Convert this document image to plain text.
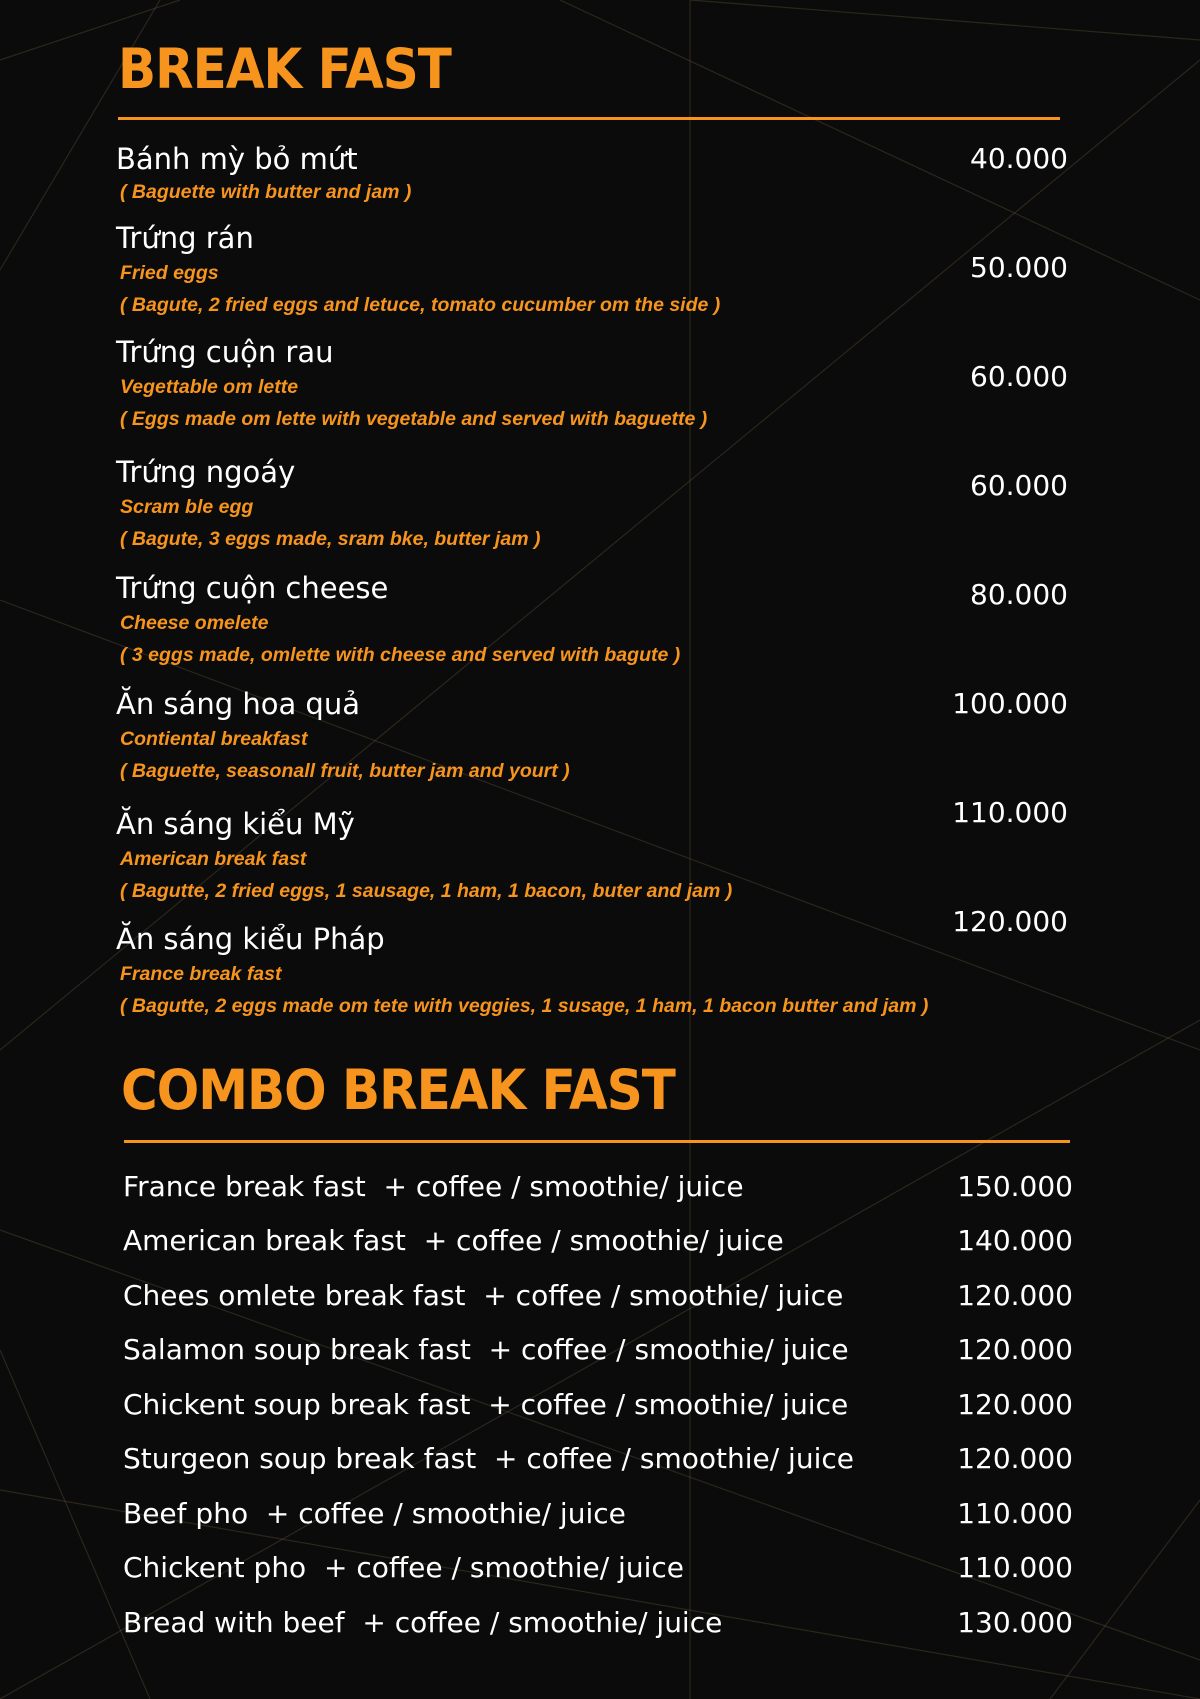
BREAK FAST
Bánh mỳ bỏ mứt
( Baguette with butter and jam )
40.000
Trứng rán
Fried eggs
( Bagute, 2 fried eggs and letuce, tomato cucumber om the side )
50.000
Trứng cuộn rau
Vegettable om lette
( Eggs made om lette with vegetable and served with baguette )
60.000
Trứng ngoáy
Scram ble egg
( Bagute, 3 eggs made, sram bke, butter jam )
60.000
Trứng cuộn cheese
Cheese omelete
( 3 eggs made, omlette with cheese and served with bagute )
80.000
Ăn sáng hoa quả
Contiental breakfast
( Baguette, seasonall fruit, butter jam and yourt )
100.000
Ăn sáng kiểu Mỹ
American break fast
( Bagutte, 2 fried eggs, 1 sausage, 1 ham, 1 bacon, buter and jam )
110.000
Ăn sáng kiểu Pháp
France break fast
( Bagutte, 2 eggs made om tete with veggies, 1 susage, 1 ham, 1 bacon butter and jam )
120.000
COMBO BREAK FAST
France break fast  + coffee / smoothie/ juice	150.000
American break fast  + coffee / smoothie/ juice	140.000
Chees omlete break fast  + coffee / smoothie/ juice	120.000
Salamon soup break fast  + coffee / smoothie/ juice	120.000
Chickent soup break fast  + coffee / smoothie/ juice	120.000
Sturgeon soup break fast  + coffee / smoothie/ juice	120.000
Beef pho  + coffee / smoothie/ juice	110.000
Chickent pho  + coffee / smoothie/ juice	110.000
Bread with beef  + coffee / smoothie/ juice	130.000
